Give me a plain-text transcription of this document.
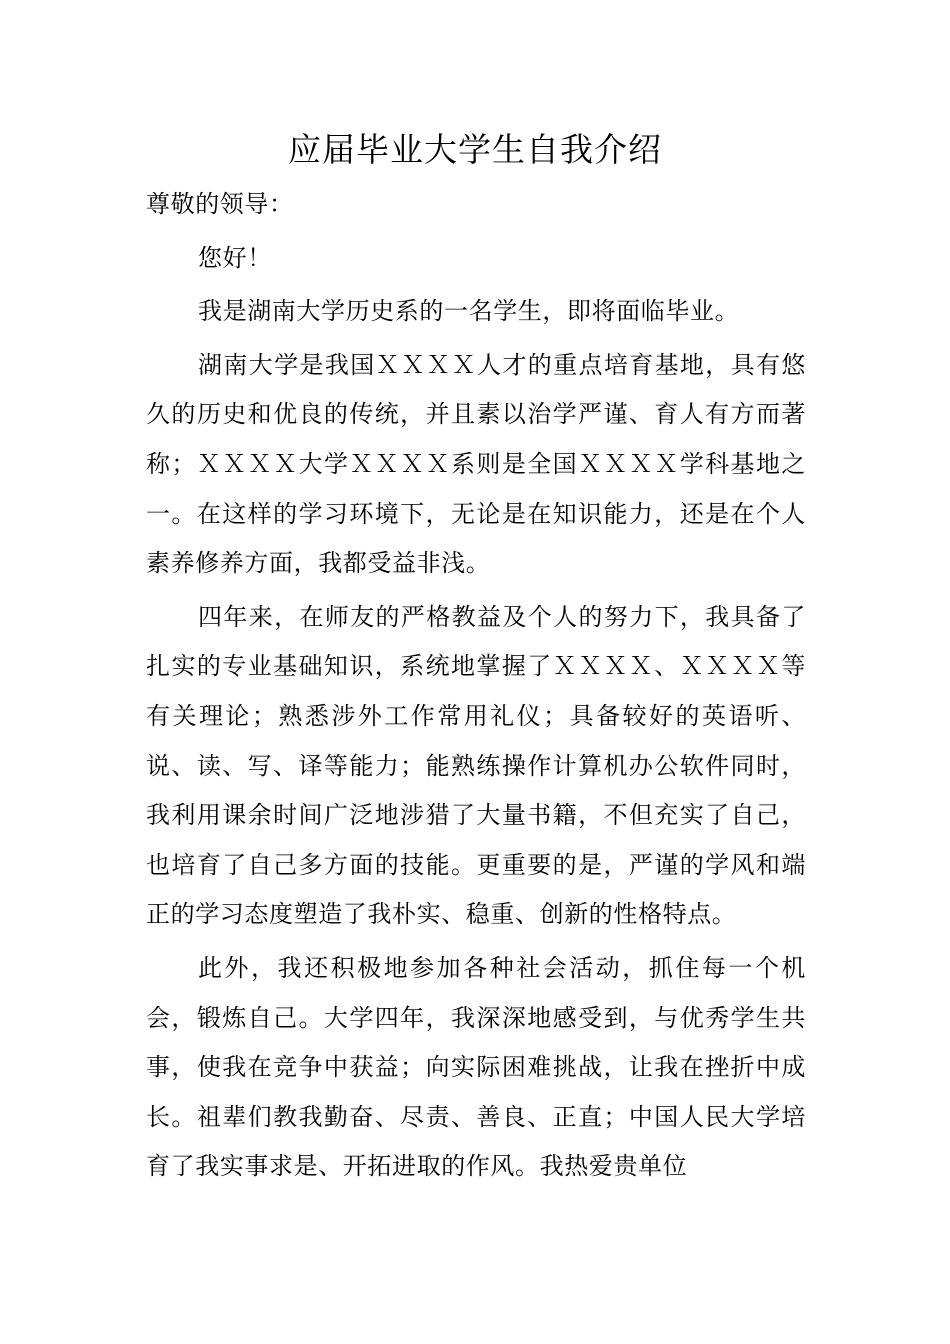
应届毕业大学生自我介绍

尊敬的领导：

您好！

我是湖南大学历史系的一名学生，即将面临毕业。

湖南大学是我国ＸＸＸＸ人才的重点培育基地，具有悠久的历史和优良的传统，并且素以治学严谨、育人有方而著称；ＸＸＸＸ大学ＸＸＸＸ系则是全国ＸＸＸＸ学科基地之一。在这样的学习环境下，无论是在知识能力，还是在个人素养修养方面，我都受益非浅。

四年来，在师友的严格教益及个人的努力下，我具备了扎实的专业基础知识，系统地掌握了ＸＸＸＸ、ＸＸＸＸ等有关理论；熟悉涉外工作常用礼仪；具备较好的英语听、说、读、写、译等能力；能熟练操作计算机办公软件同时，我利用课余时间广泛地涉猎了大量书籍，不但充实了自己，也培育了自己多方面的技能。更重要的是，严谨的学风和端正的学习态度塑造了我朴实、稳重、创新的性格特点。

此外，我还积极地参加各种社会活动，抓住每一个机会，锻炼自己。大学四年，我深深地感受到，与优秀学生共事，使我在竞争中获益；向实际困难挑战，让我在挫折中成长。祖辈们教我勤奋、尽责、善良、正直；中国人民大学培育了我实事求是、开拓进取的作风。我热爱贵单位
